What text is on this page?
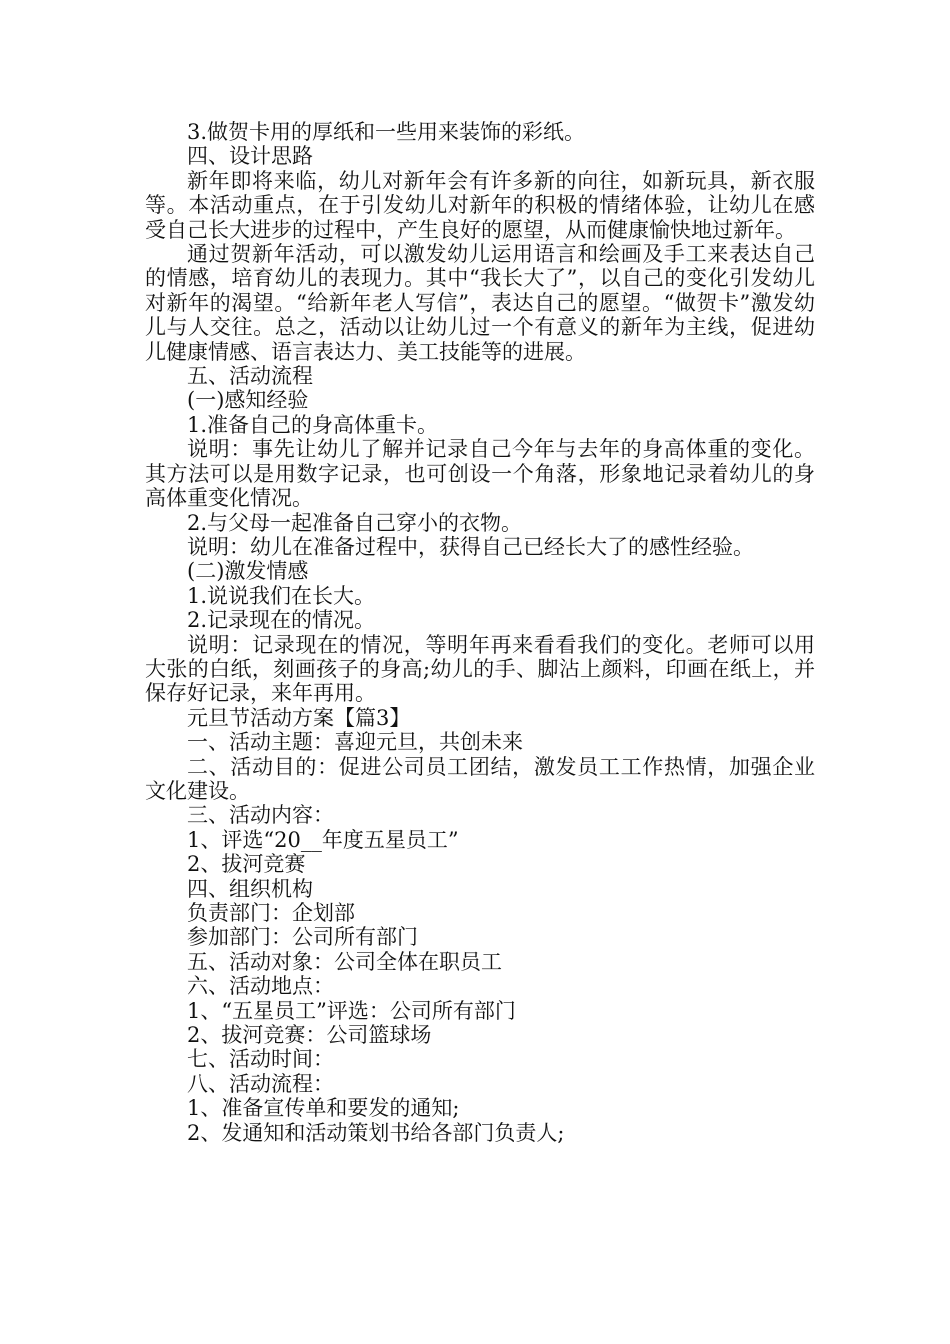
3.做贺卡用的厚纸和一些用来装饰的彩纸。

四、设计思路

新年即将来临，幼儿对新年会有许多新的向往，如新玩具，新衣服等。本活动重点，在于引发幼儿对新年的积极的情绪体验，让幼儿在感受自己长大进步的过程中，产生良好的愿望，从而健康愉快地过新年。

通过贺新年活动，可以激发幼儿运用语言和绘画及手工来表达自己的情感，培育幼儿的表现力。其中“我长大了”，以自己的变化引发幼儿对新年的渴望。“给新年老人写信”，表达自己的愿望。“做贺卡”激发幼儿与人交往。总之，活动以让幼儿过一个有意义的新年为主线，促进幼儿健康情感、语言表达力、美工技能等的进展。

五、活动流程

(一)感知经验

1.准备自己的身高体重卡。

说明：事先让幼儿了解并记录自己今年与去年的身高体重的变化。其方法可以是用数字记录，也可创设一个角落，形象地记录着幼儿的身高体重变化情况。

2.与父母一起准备自己穿小的衣物。

说明：幼儿在准备过程中，获得自己已经长大了的感性经验。

(二)激发情感

1.说说我们在长大。

2.记录现在的情况。

说明：记录现在的情况，等明年再来看看我们的变化。老师可以用大张的白纸，刻画孩子的身高;幼儿的手、脚沾上颜料，印画在纸上，并保存好记录，来年再用。

元旦节活动方案【篇3】

一、活动主题：喜迎元旦，共创未来

二、活动目的：促进公司员工团结，激发员工工作热情，加强企业文化建设。

三、活动内容：

1、评选“20__年度五星员工”

2、拔河竞赛

四、组织机构

负责部门：企划部

参加部门：公司所有部门

五、活动对象：公司全体在职员工

六、活动地点：

1、“五星员工”评选：公司所有部门

2、拔河竞赛：公司篮球场

七、活动时间：

八、活动流程：

1、准备宣传单和要发的通知;

2、发通知和活动策划书给各部门负责人;
